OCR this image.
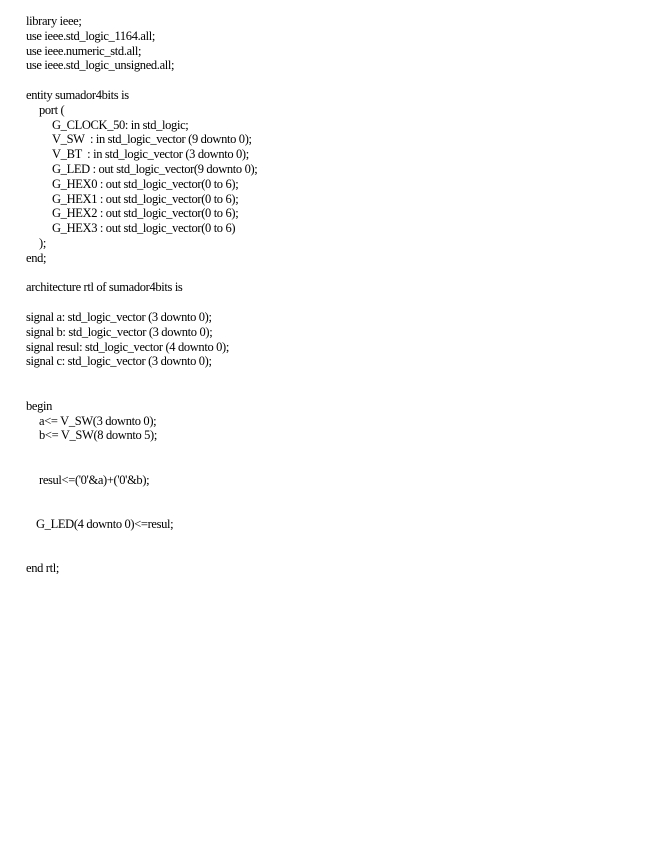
library ieee;
use ieee.std_logic_1164.all;
use ieee.numeric_std.all;
use ieee.std_logic_unsigned.all;
entity sumador4bits is
port (
G_CLOCK_50: in std_logic;
V_SW  : in std_logic_vector (9 downto 0);
V_BT  : in std_logic_vector (3 downto 0);
G_LED : out std_logic_vector(9 downto 0);
G_HEX0 : out std_logic_vector(0 to 6);
G_HEX1 : out std_logic_vector(0 to 6);
G_HEX2 : out std_logic_vector(0 to 6);
G_HEX3 : out std_logic_vector(0 to 6)
);
end;
architecture rtl of sumador4bits is
signal a: std_logic_vector (3 downto 0);
signal b: std_logic_vector (3 downto 0);
signal resul: std_logic_vector (4 downto 0);
signal c: std_logic_vector (3 downto 0);
begin
a<= V_SW(3 downto 0);
b<= V_SW(8 downto 5);
resul<=('0'&a)+('0'&b);
G_LED(4 downto 0)<=resul;
end rtl;
